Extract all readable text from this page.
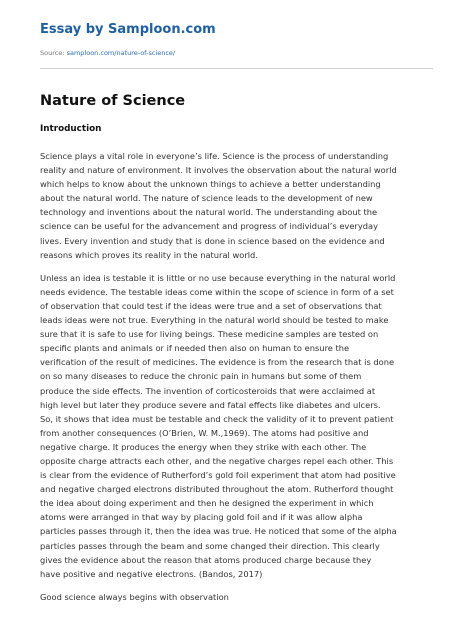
Essay by Samploon.com
Source: samploon.com/nature-of-science/
Nature of Science
Introduction
Science plays a vital role in everyone’s life. Science is the process of understanding
reality and nature of environment. It involves the observation about the natural world
which helps to know about the unknown things to achieve a better understanding
about the natural world. The nature of science leads to the development of new
technology and inventions about the natural world. The understanding about the
science can be useful for the advancement and progress of individual’s everyday
lives. Every invention and study that is done in science based on the evidence and
reasons which proves its reality in the natural world.
Unless an idea is testable it is little or no use because everything in the natural world
needs evidence. The testable ideas come within the scope of science in form of a set
of observation that could test if the ideas were true and a set of observations that
leads ideas were not true. Everything in the natural world should be tested to make
sure that it is safe to use for living beings. These medicine samples are tested on
specific plants and animals or if needed then also on human to ensure the
verification of the result of medicines. The evidence is from the research that is done
on so many diseases to reduce the chronic pain in humans but some of them
produce the side effects. The invention of corticosteroids that were acclaimed at
high level but later they produce severe and fatal effects like diabetes and ulcers.
So, it shows that idea must be testable and check the validity of it to prevent patient
from another consequences (O’Brien, W. M.,1969). The atoms had positive and
negative charge. It produces the energy when they strike with each other. The
opposite charge attracts each other, and the negative charges repel each other. This
is clear from the evidence of Rutherford’s gold foil experiment that atom had positive
and negative charged electrons distributed throughout the atom. Rutherford thought
the idea about doing experiment and then he designed the experiment in which
atoms were arranged in that way by placing gold foil and if it was allow alpha
particles passes through it, then the idea was true. He noticed that some of the alpha
particles passes through the beam and some changed their direction. This clearly
gives the evidence about the reason that atoms produced charge because they
have positive and negative electrons. (Bandos, 2017)

Good science always begins with observation
